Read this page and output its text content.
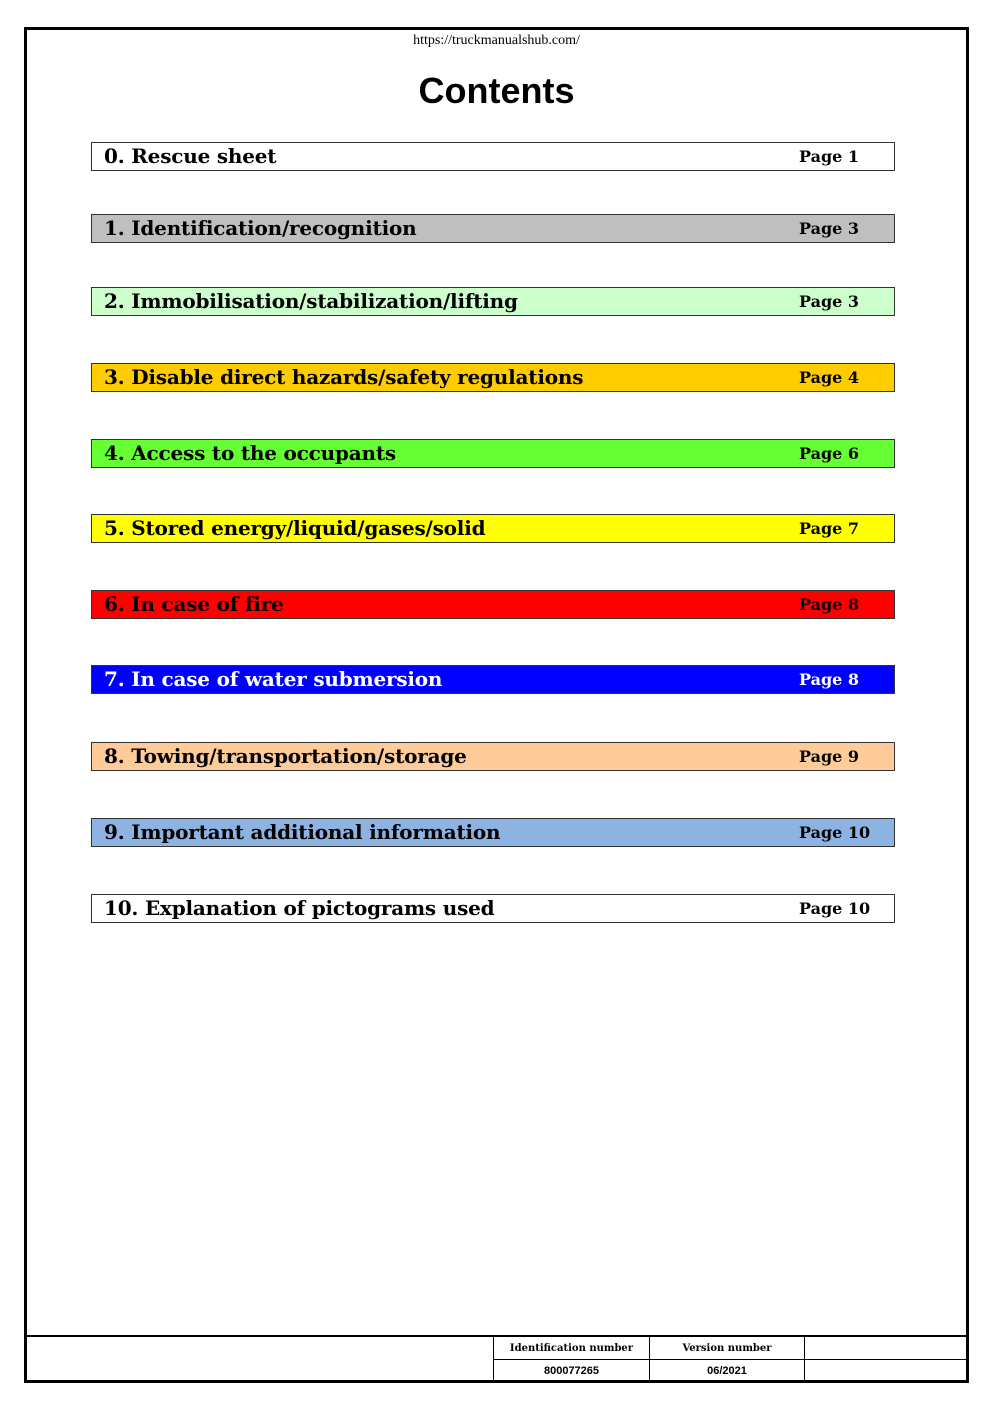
https://truckmanualshub.com/
Contents
0. Rescue sheet	Page 1
1. Identification/recognition	Page 3
2. Immobilisation/stabilization/lifting	Page 3
3. Disable direct hazards/safety regulations	Page 4
4. Access to the occupants	Page 6
5. Stored energy/liquid/gases/solid	Page 7
6. In case of fire	Page 8
7. In case of water submersion	Page 8
8. Towing/transportation/storage	Page 9
9. Important additional information	Page 10
10. Explanation of pictograms used	Page 10
Identification number	Version number
800077265	06/2021
